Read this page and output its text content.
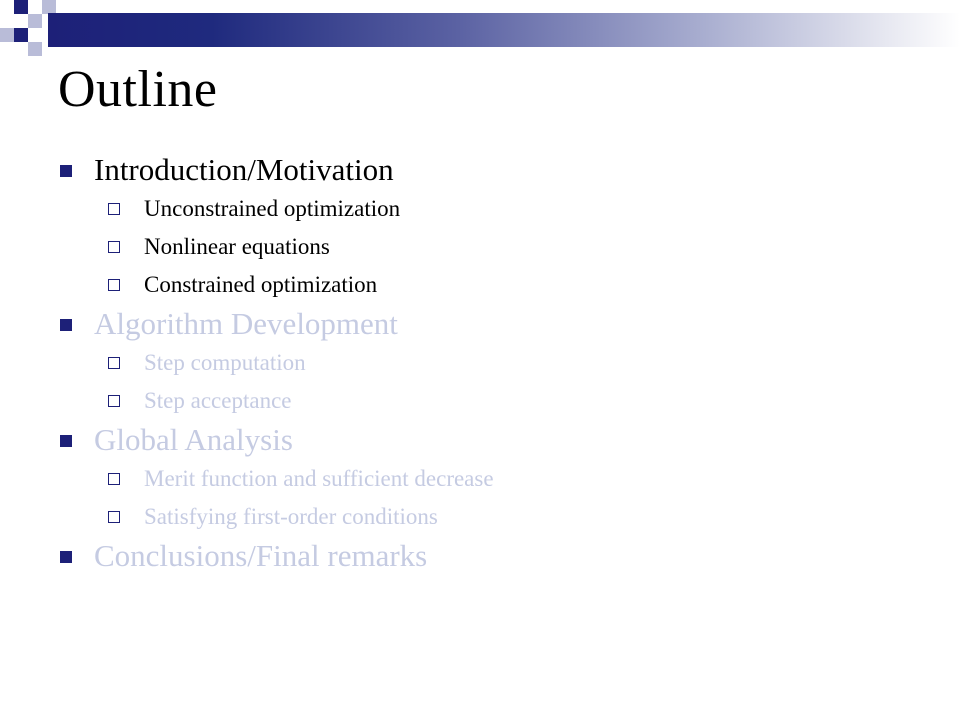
Outline
Introduction/Motivation
Unconstrained optimization
Nonlinear equations
Constrained optimization
Algorithm Development
Step computation
Step acceptance
Global Analysis
Merit function and sufficient decrease
Satisfying first-order conditions
Conclusions/Final remarks
